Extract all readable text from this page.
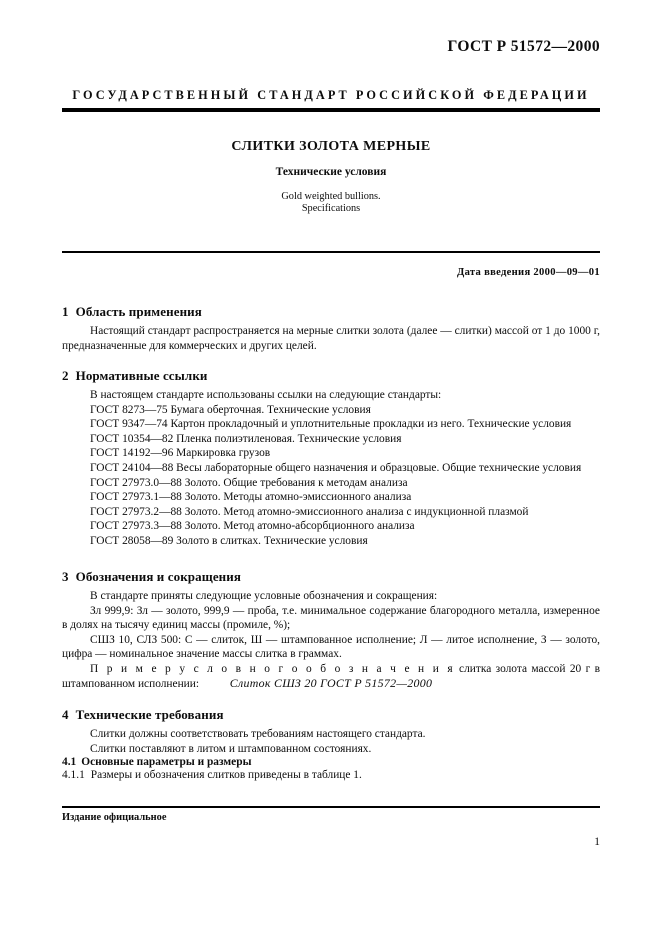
ГОСТ Р 51572—2000
ГОСУДАРСТВЕННЫЙ СТАНДАРТ РОССИЙСКОЙ ФЕДЕРАЦИИ
СЛИТКИ ЗОЛОТА МЕРНЫЕ
Технические условия
Gold weighted bullions.
Specifications
Дата введения 2000—09—01
1 Область применения

Настоящий стандарт распространяется на мерные слитки золота (далее — слитки) массой от 1 до 1000 г, предназначенные для коммерческих и других целей.

2 Нормативные ссылки

В настоящем стандарте использованы ссылки на следующие стандарты:

ГОСТ 8273—75 Бумага оберточная. Технические условия

ГОСТ 9347—74 Картон прокладочный и уплотнительные прокладки из него. Технические условия

ГОСТ 10354—82 Пленка полиэтиленовая. Технические условия

ГОСТ 14192—96 Маркировка грузов

ГОСТ 24104—88 Весы лабораторные общего назначения и образцовые. Общие технические условия

ГОСТ 27973.0—88 Золото. Общие требования к методам анализа

ГОСТ 27973.1—88 Золото. Методы атомно-эмиссионного анализа

ГОСТ 27973.2—88 Золото. Метод атомно-эмиссионного анализа с индукционной плазмой

ГОСТ 27973.3—88 Золото. Метод атомно-абсорбционного анализа

ГОСТ 28058—89 Золото в слитках. Технические условия

3 Обозначения и сокращения

В стандарте приняты следующие условные обозначения и сокращения:

Зл 999,9: Зл — золото, 999,9 — проба, т.е. минимальное содержание благородного металла, измеренное в долях на тысячу единиц массы (промиле, %);

СШЗ 10, СЛЗ 500: С — слиток, Ш — штампованное исполнение; Л — литое исполнение, З — золото, цифра — номинальное значение массы слитка в граммах.

П р и м е р у с л о в н о г о о б о з н а ч е н и я слитка золота массой 20 г в штампованном исполнении:	Слиток СШЗ 20 ГОСТ Р 51572—2000

4 Технические требования

Слитки должны соответствовать требованиям настоящего стандарта.

Слитки поставляют в литом и штампованном состояниях.

4.1 Основные параметры и размеры

4.1.1 Размеры и обозначения слитков приведены в таблице 1.

Издание официальное
1
